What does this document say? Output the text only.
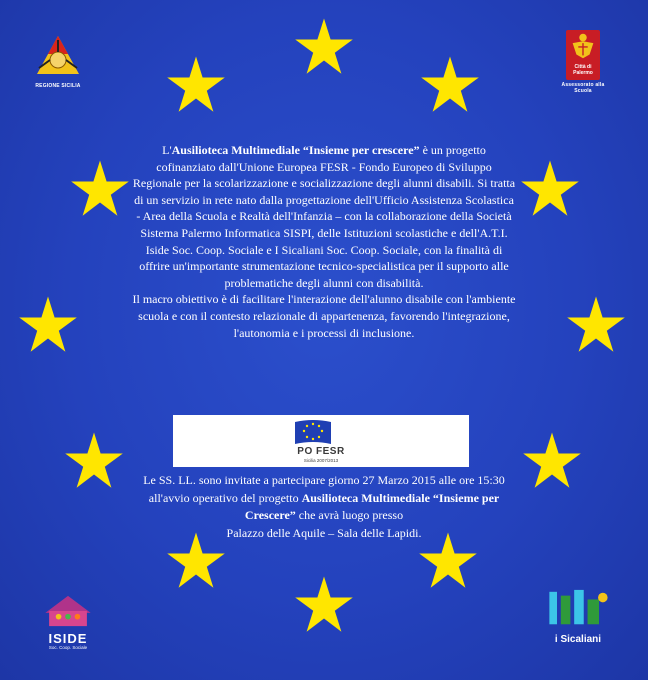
REGIONE SICILIA
Città di Palermo
Assessorato alla Scuola
L'Ausilioteca Multimediale “Insieme per crescere” è un progetto cofinanziato dall'Unione Europea FESR - Fondo Europeo di Sviluppo Regionale per la scolarizzazione e socializzazione degli alunni disabili. Si tratta di un servizio in rete nato dalla progettazione dell'Ufficio Assistenza Scolastica - Area della Scuola e Realtà dell'Infanzia – con la collaborazione della Società Sistema Palermo Informatica SISPI, delle Istituzioni scolastiche e dell'A.T.I. Iside Soc. Coop. Sociale e I Sicaliani Soc. Coop. Sociale, con la finalità di offrire un'importante strumentazione tecnico-specialistica per il supporto alle problematiche degli alunni con disabilità.
Il macro obiettivo è di facilitare l'interazione dell'alunno disabile con l'ambiente scuola e con il contesto relazionale di appartenenza, favorendo l'integrazione, l'autonomia e i processi di inclusione.
PO FESR
Sicilia 2007/2013
Le SS. LL. sono invitate a partecipare giorno 27 Marzo 2015 alle ore 15:30 all'avvio operativo del progetto Ausilioteca Multimediale “Insieme per Crescere” che avrà luogo presso
Palazzo delle Aquile – Sala delle Lapidi.
ISIDE
Soc. Coop. Sociale
i Sicaliani
